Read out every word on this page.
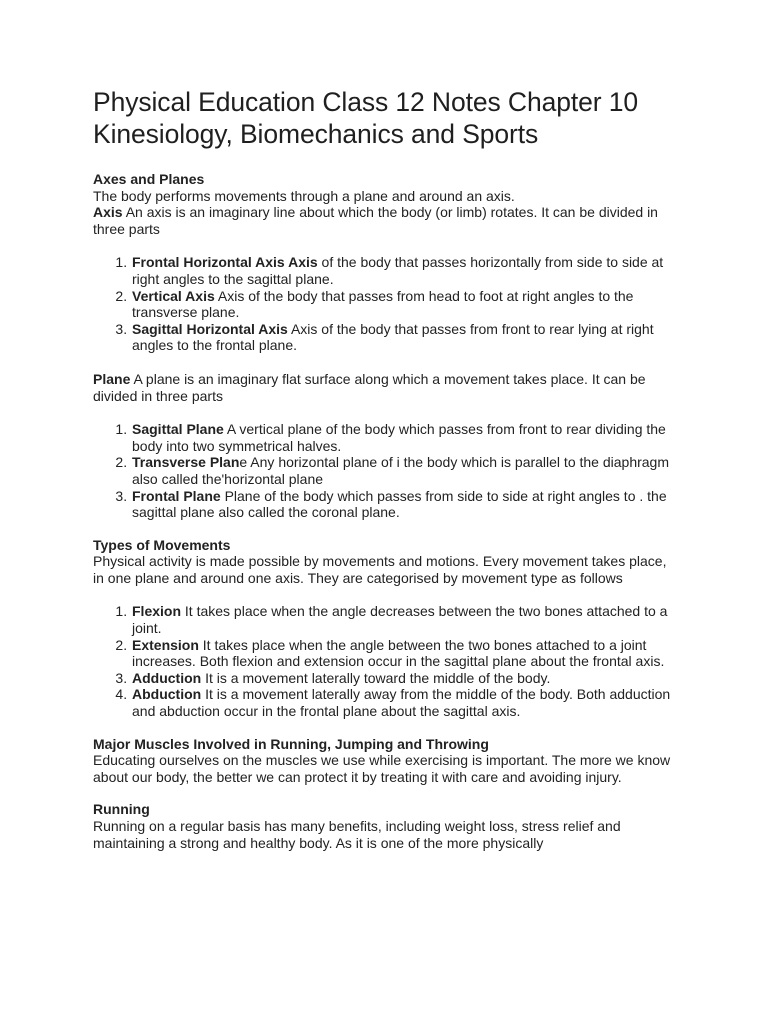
Physical Education Class 12 Notes Chapter 10 Kinesiology, Biomechanics and Sports

Axes and Planes

The body performs movements through a plane and around an axis.

Axis An axis is an imaginary line about which the body (or limb) rotates. It can be divided in three parts

1. Frontal Horizontal Axis Axis of the body that passes horizontally from side to side at right angles to the sagittal plane.
2. Vertical Axis Axis of the body that passes from head to foot at right angles to the transverse plane.
3. Sagittal Horizontal Axis Axis of the body that passes from front to rear lying at right angles to the frontal plane.

Plane A plane is an imaginary flat surface along which a movement takes place. It can be divided in three parts

1. Sagittal Plane A vertical plane of the body which passes from front to rear dividing the body into two symmetrical halves.
2. Transverse Plane Any horizontal plane of i the body which is parallel to the diaphragm also called the'horizontal plane
3. Frontal Plane Plane of the body which passes from side to side at right angles to . the sagittal plane also called the coronal plane.

Types of Movements

Physical activity is made possible by movements and motions. Every movement takes place, in one plane and around one axis. They are categorised by movement type as follows

1. Flexion It takes place when the angle decreases between the two bones attached to a joint.
2. Extension It takes place when the angle between the two bones attached to a joint increases. Both flexion and extension occur in the sagittal plane about the frontal axis.
3. Adduction It is a movement laterally toward the middle of the body.
4. Abduction It is a movement laterally away from the middle of the body. Both adduction and abduction occur in the frontal plane about the sagittal axis.

Major Muscles Involved in Running, Jumping and Throwing

Educating ourselves on the muscles we use while exercising is important. The more we know about our body, the better we can protect it by treating it with care and avoiding injury.

Running

Running on a regular basis has many benefits, including weight loss, stress relief and maintaining a strong and healthy body. As it is one of the more physically
